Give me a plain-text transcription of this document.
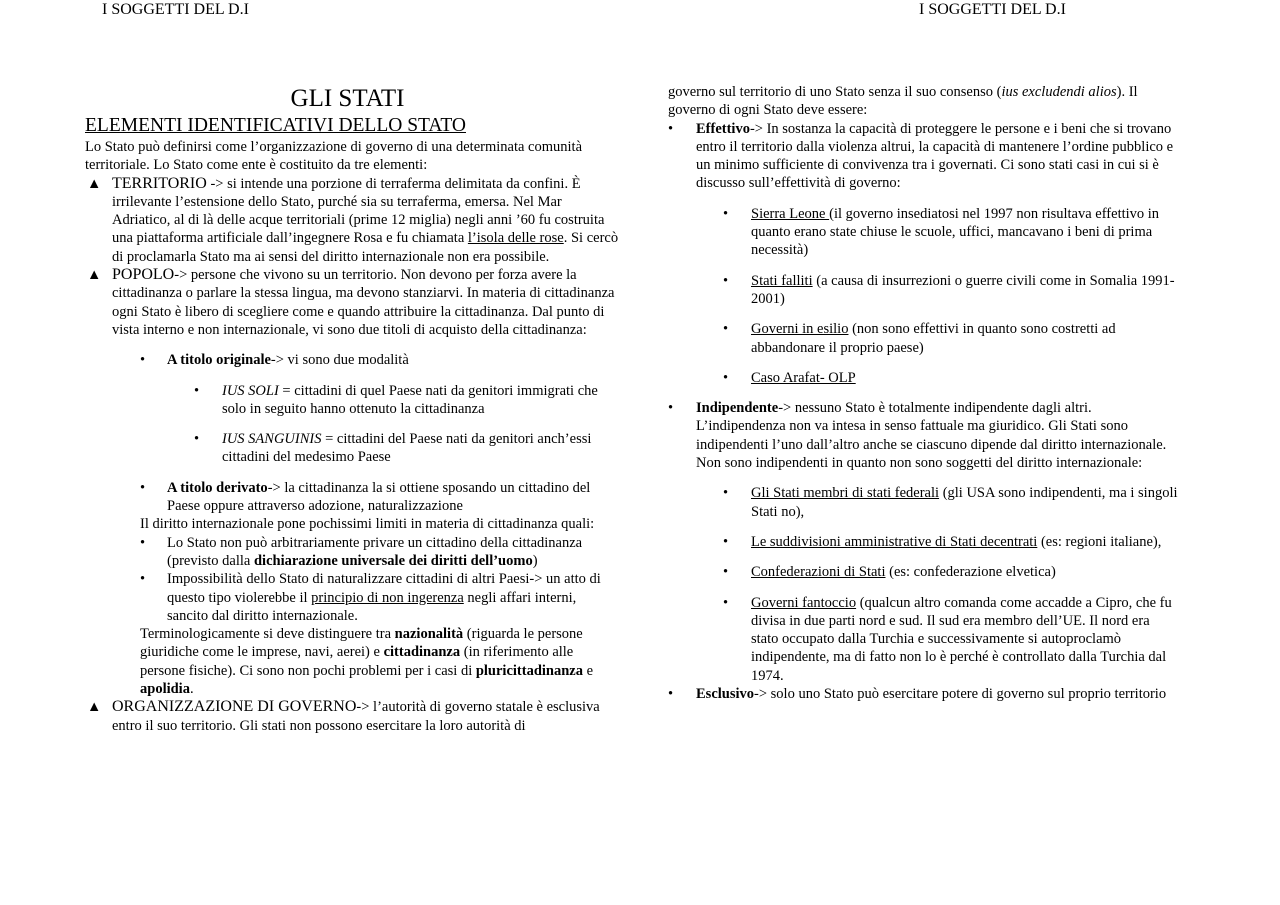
I SOGGETTI DEL D.I	I SOGGETTI DEL D.I
GLI STATI
ELEMENTI IDENTIFICATIVI DELLO STATO

Lo Stato può definirsi come l’organizzazione di governo di una determinata comunità territoriale. Lo Stato come ente è costituito da tre elementi:

▲ TERRITORIO -> si intende una porzione di terraferma delimitata da confini. È irrilevante l’estensione dello Stato, purché sia su terraferma, emersa. Nel Mar Adriatico, al di là delle acque territoriali (prime 12 miglia) negli anni ’60 fu costruita una piattaforma artificiale dall’ingegnere Rosa e fu chiamata l’isola delle rose. Si cercò di proclamarla Stato ma ai sensi del diritto internazionale non era possibile.
▲ POPOLO-> persone che vivono su un territorio. Non devono per forza avere la cittadinanza o parlare la stessa lingua, ma devono stanziarvi. In materia di cittadinanza ogni Stato è libero di scegliere come e quando attribuire la cittadinanza. Dal punto di vista interno e non internazionale, vi sono due titoli di acquisto della cittadinanza:
• A titolo originale-> vi sono due modalità
• IUS SOLI = cittadini di quel Paese nati da genitori immigrati che solo in seguito hanno ottenuto la cittadinanza
• IUS SANGUINIS = cittadini del Paese nati da genitori anch’essi cittadini del medesimo Paese
• A titolo derivato-> la cittadinanza la si ottiene sposando un cittadino del Paese oppure attraverso adozione, naturalizzazione

Il diritto internazionale pone pochissimi limiti in materia di cittadinanza quali:

• Lo Stato non può arbitrariamente privare un cittadino della cittadinanza (previsto dalla dichiarazione universale dei diritti dell’uomo)
• Impossibilità dello Stato di naturalizzare cittadini di altri Paesi-> un atto di questo tipo violerebbe il principio di non ingerenza negli affari interni, sancito dal diritto internazionale.

Terminologicamente si deve distinguere tra nazionalità (riguarda le persone giuridiche come le imprese, navi, aerei) e cittadinanza (in riferimento alle persone fisiche). Ci sono non pochi problemi per i casi di pluricittadinanza e apolidia.

▲ ORGANIZZAZIONE DI GOVERNO-> l’autorità di governo statale è esclusiva entro il suo territorio. Gli stati non possono esercitare la loro autorità di

governo sul territorio di uno Stato senza il suo consenso (ius excludendi alios). Il governo di ogni Stato deve essere:

• Effettivo-> In sostanza la capacità di proteggere le persone e i beni che si trovano entro il territorio dalla violenza altrui, la capacità di mantenere l’ordine pubblico e un minimo sufficiente di convivenza tra i governati. Ci sono stati casi in cui si è discusso sull’effettività di governo:
• Sierra Leone (il governo insediatosi nel 1997 non risultava effettivo in quanto erano state chiuse le scuole, uffici, mancavano i beni di prima necessità)
• Stati falliti (a causa di insurrezioni o guerre civili come in Somalia 1991-2001)
• Governi in esilio (non sono effettivi in quanto sono costretti ad abbandonare il proprio paese)
• Caso Arafat- OLP
• Indipendente-> nessuno Stato è totalmente indipendente dagli altri. L’indipendenza non va intesa in senso fattuale ma giuridico. Gli Stati sono indipendenti l’uno dall’altro anche se ciascuno dipende dal diritto internazionale. Non sono indipendenti in quanto non sono soggetti del diritto internazionale:
• Gli Stati membri di stati federali (gli USA sono indipendenti, ma i singoli Stati no),
• Le suddivisioni amministrative di Stati decentrati (es: regioni italiane),
• Confederazioni di Stati (es: confederazione elvetica)
• Governi fantoccio (qualcun altro comanda come accadde a Cipro, che fu divisa in due parti nord e sud. Il sud era membro dell’UE. Il nord era stato occupato dalla Turchia e successivamente si autoproclamò indipendente, ma di fatto non lo è perché è controllato dalla Turchia dal 1974.
• Esclusivo-> solo uno Stato può esercitare potere di governo sul proprio territorio
